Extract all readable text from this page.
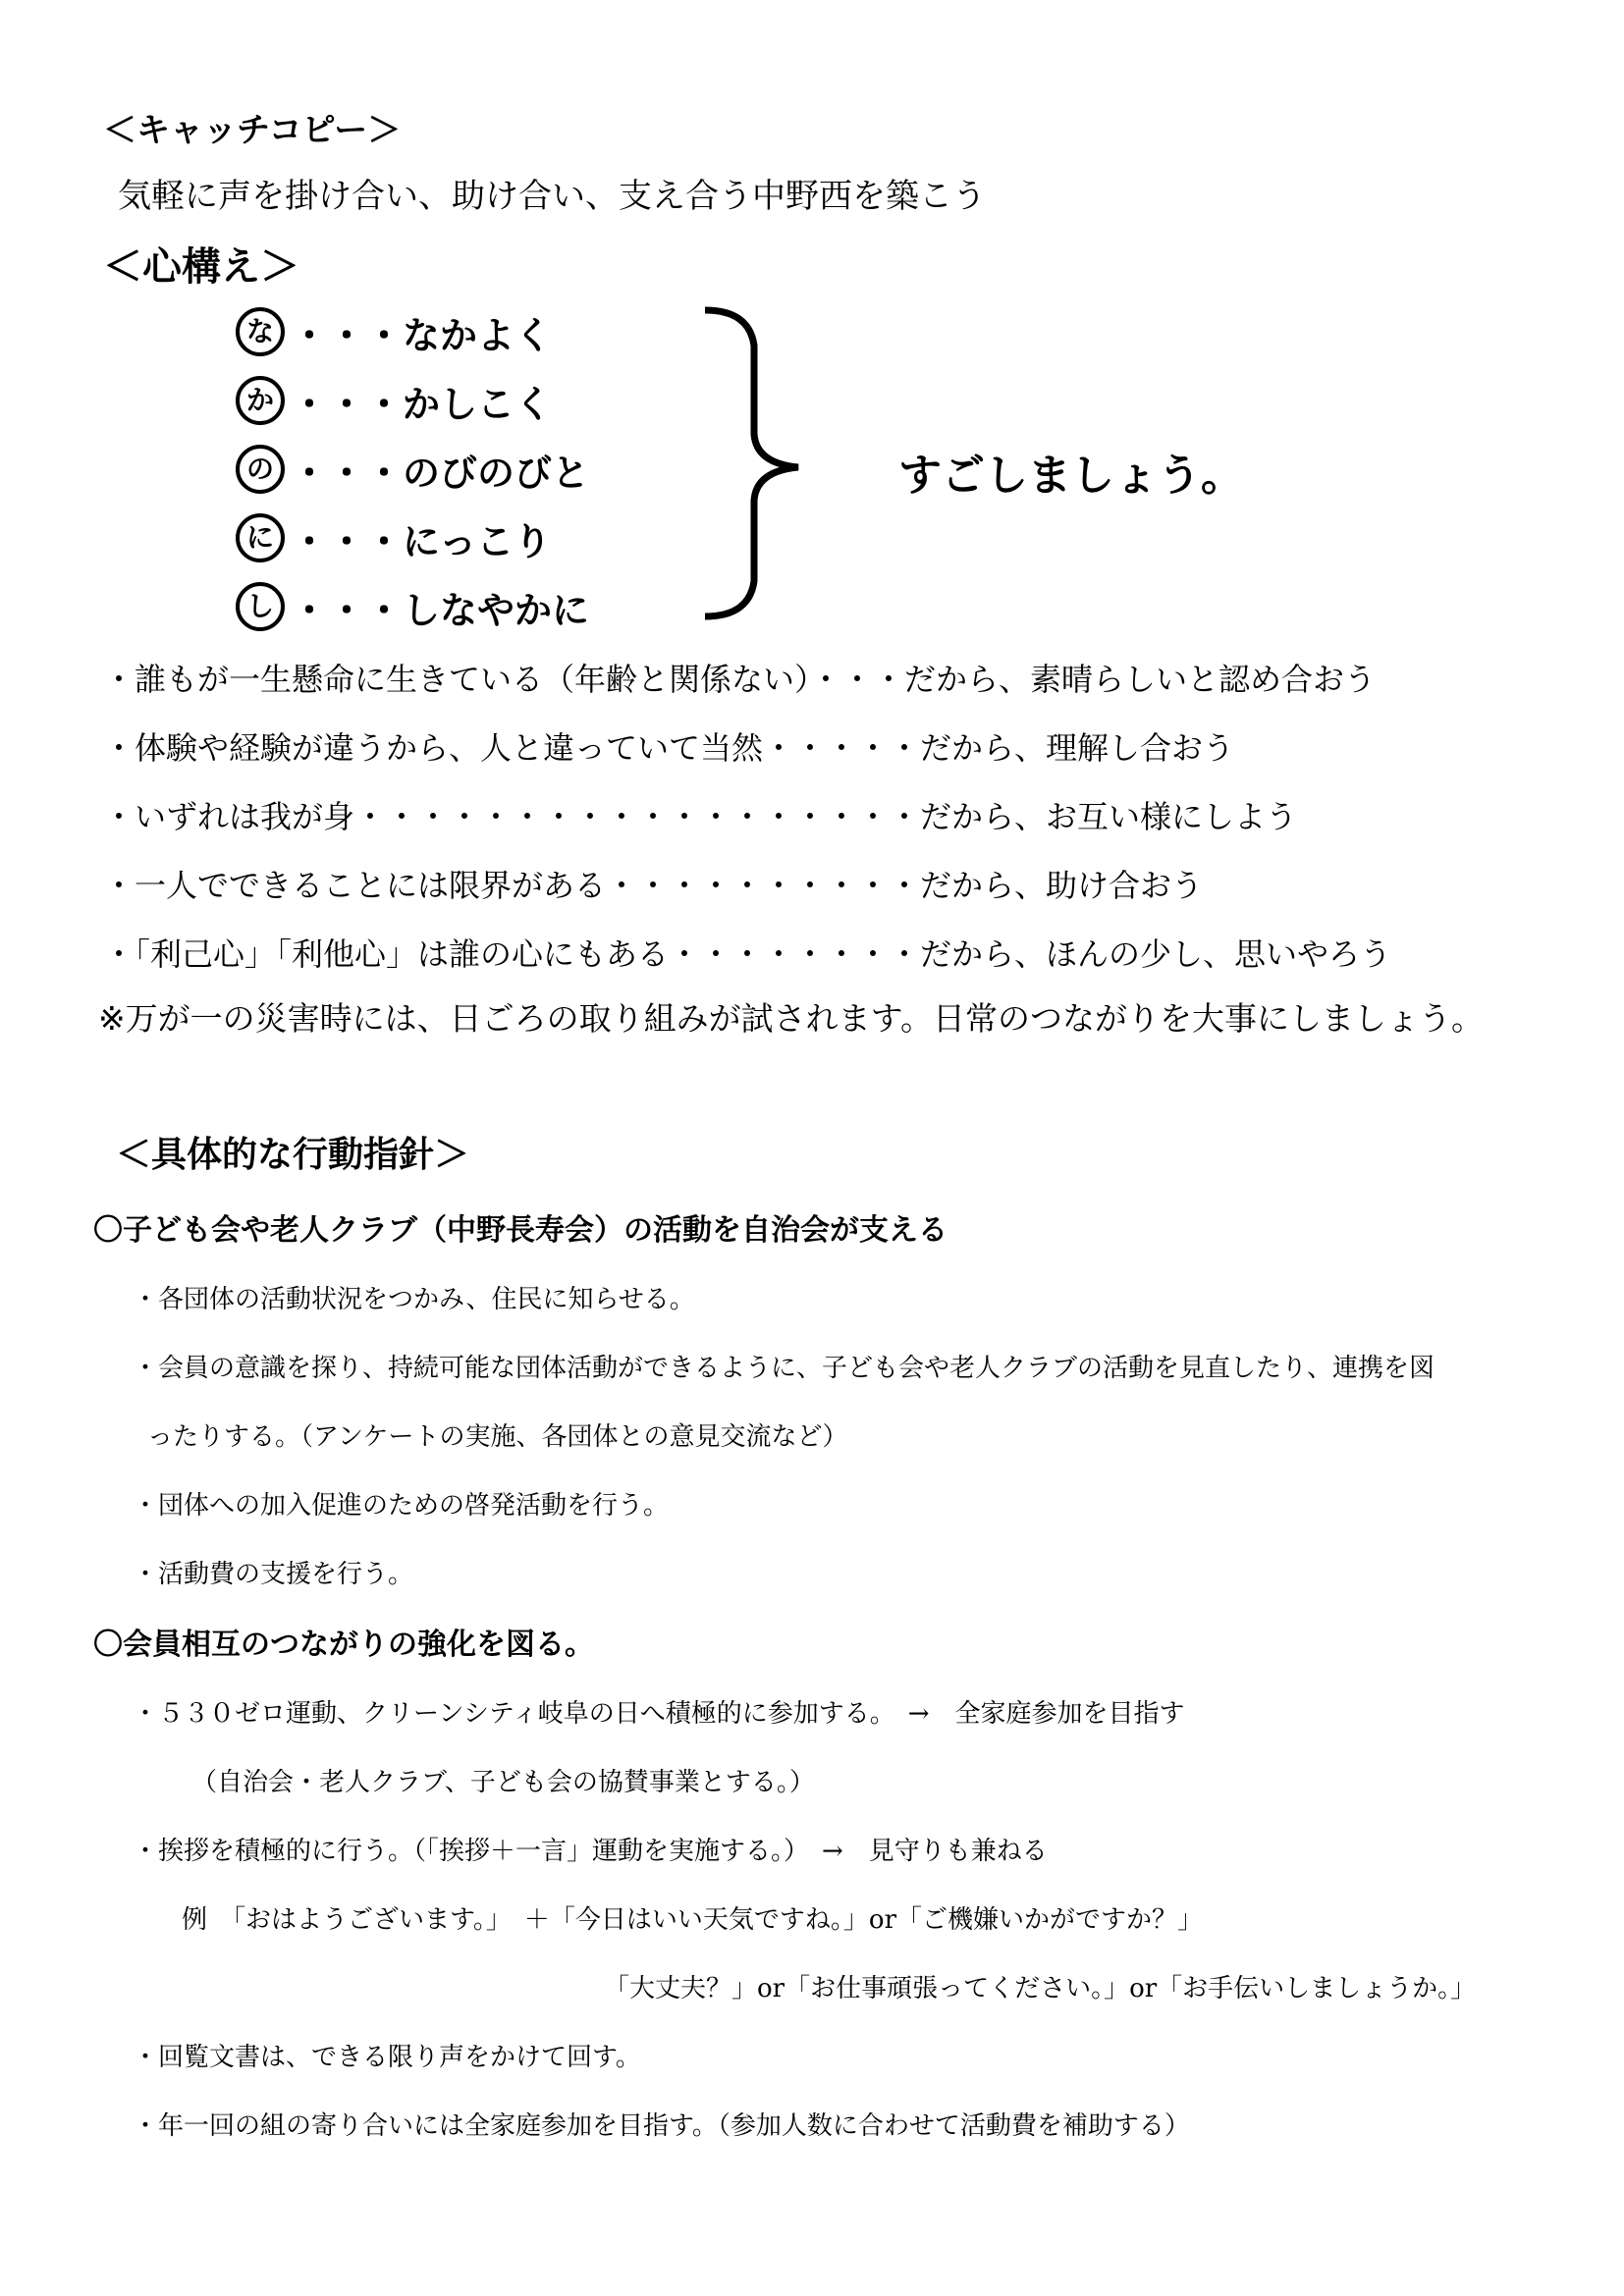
＜キャッチコピー＞
気軽に声を掛け合い、助け合い、支え合う中野西を築こう
＜心構え＞
な ・・・なかよく
か ・・・かしこく
の ・・・のびのびと
に ・・・にっこり
し ・・・しなやかに
すごしましょう。
・誰もが一生懸命に生きている（年齢と関係ない）・・・だから、素晴らしいと認め合おう
・体験や経験が違うから、人と違っていて当然・・・・・だから、理解し合おう
・いずれは我が身・・・・・・・・・・・・・・・・・・だから、お互い様にしよう
・一人でできることには限界がある・・・・・・・・・・だから、助け合おう
・「利己心」「利他心」は誰の心にもある・・・・・・・・だから、ほんの少し、思いやろう
※万が一の災害時には、日ごろの取り組みが試されます。日常のつながりを大事にしましょう。
＜具体的な行動指針＞
〇子ども会や老人クラブ（中野長寿会）の活動を自治会が支える
・各団体の活動状況をつかみ、住民に知らせる。
・会員の意識を探り、持続可能な団体活動ができるように、子ども会や老人クラブの活動を見直したり、連携を図
ったりする。（アンケートの実施、各団体との意見交流など）
・団体への加入促進のための啓発活動を行う。
・活動費の支援を行う。
〇会員相互のつながりの強化を図る。
・５３０ゼロ運動、クリーンシティ岐阜の日へ積極的に参加する。　→　全家庭参加を目指す
（自治会・老人クラブ、子ども会の協賛事業とする。）
・挨拶を積極的に行う。（「挨拶＋一言」運動を実施する。）　→　見守りも兼ねる
例　「おはようございます。」　＋「今日はいい天気ですね。」or「ご機嫌いかがですか？」
「大丈夫？」or「お仕事頑張ってください。」or「お手伝いしましょうか。」
・回覧文書は、できる限り声をかけて回す。
・年一回の組の寄り合いには全家庭参加を目指す。（参加人数に合わせて活動費を補助する）
